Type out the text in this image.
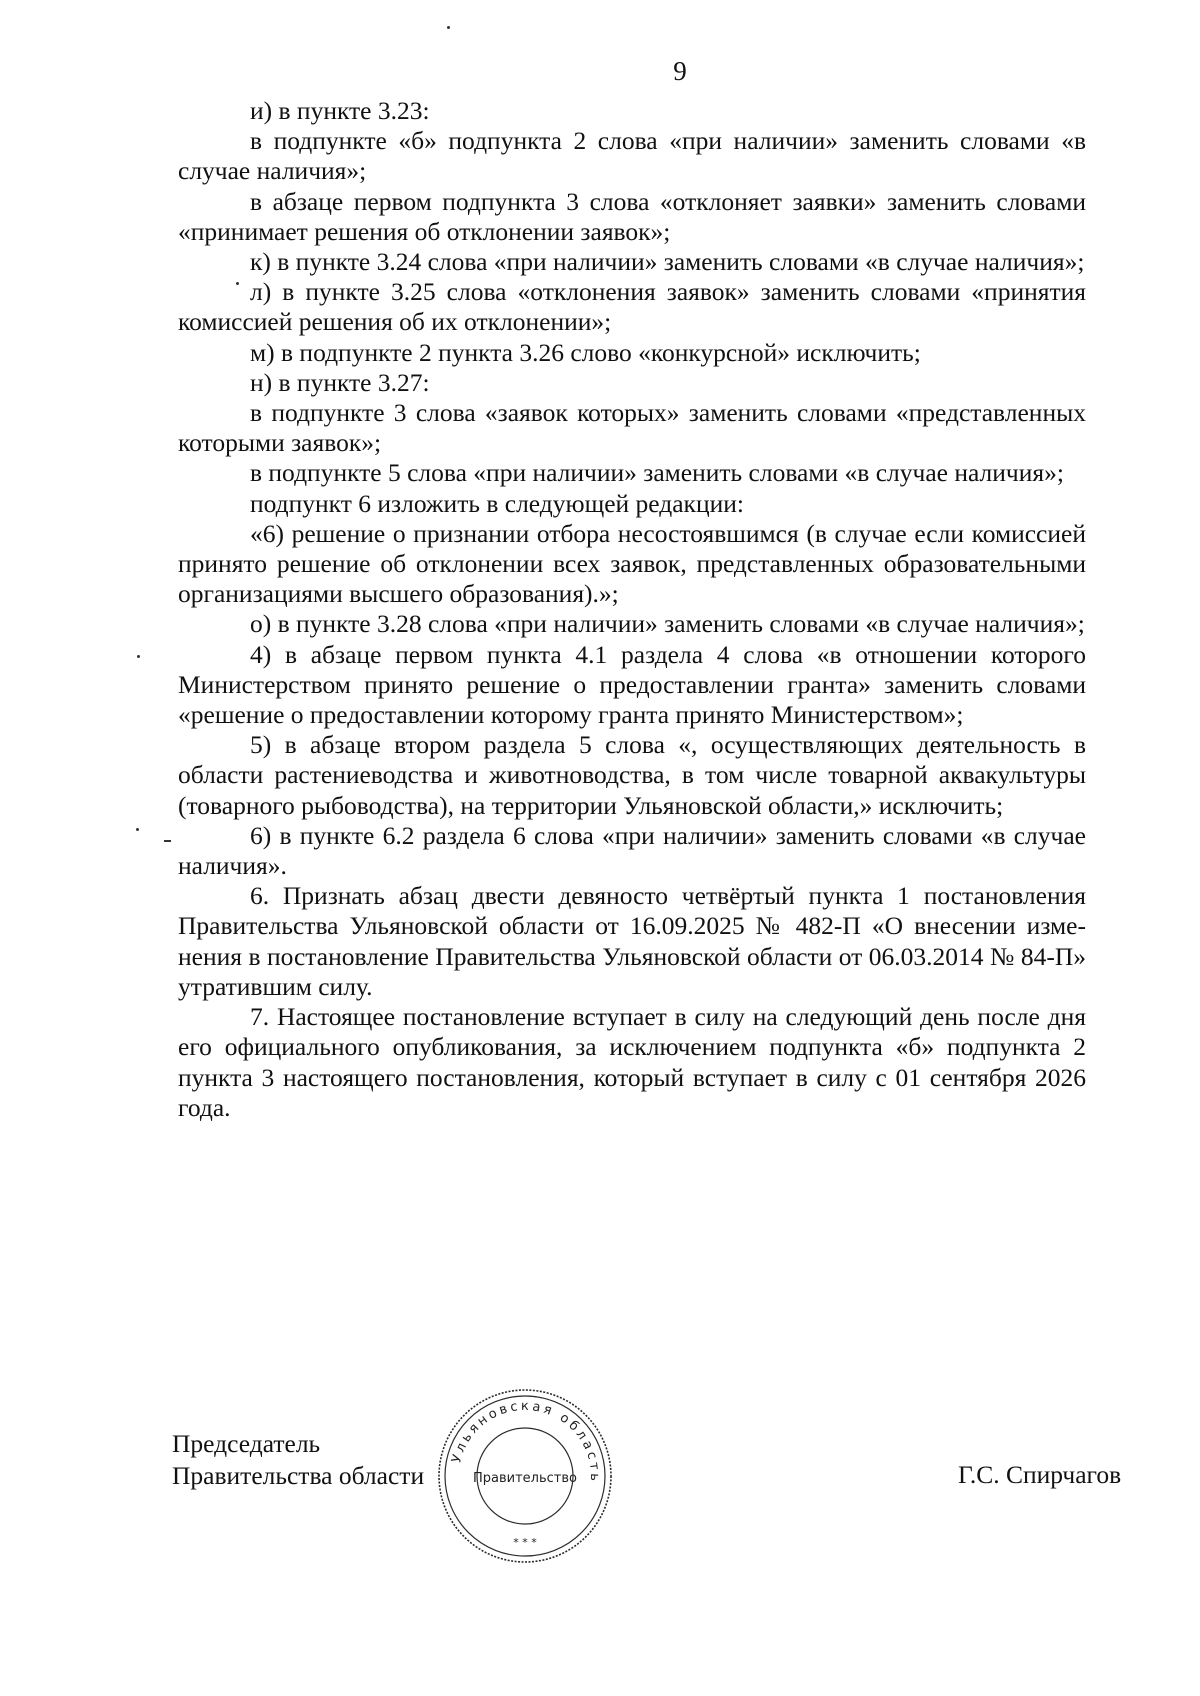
9

и) в пункте 3.23:

в подпункте «б» подпункта 2 слова «при наличии» заменить словами «в случае наличия»;

в абзаце первом подпункта 3 слова «отклоняет заявки» заменить словами «принимает решения об отклонении заявок»;

к) в пункте 3.24 слова «при наличии» заменить словами «в случае наличия»;

л) в пункте 3.25 слова «отклонения заявок» заменить словами «принятия комиссией решения об их отклонении»;

м) в подпункте 2 пункта 3.26 слово «конкурсной» исключить;

н) в пункте 3.27:

в подпункте 3 слова «заявок которых» заменить словами «представленных которыми заявок»;

в подпункте 5 слова «при наличии» заменить словами «в случае наличия»;

подпункт 6 изложить в следующей редакции:

«6) решение о признании отбора несостоявшимся (в случае если комиссией принято решение об отклонении всех заявок, представленных образовательными организациями высшего образования).»;

о) в пункте 3.28 слова «при наличии» заменить словами «в случае наличия»;

4) в абзаце первом пункта 4.1 раздела 4 слова «в отношении которого Министерством принято решение о предоставлении гранта» заменить словами «решение о предоставлении которому гранта принято Министерством»;

5) в абзаце втором раздела 5 слова «, осуществляющих деятельность в области растениеводства и животноводства, в том числе товарной аквакультуры (товарного рыбоводства), на территории Ульяновской области,» исключить;

6) в пункте 6.2 раздела 6 слова «при наличии» заменить словами «в случае наличия».

6. Признать абзац двести девяносто четвёртый пункта 1 постановления Правительства Ульяновской области от 16.09.2025 № 482-П «О внесении изменения в постановление Правительства Ульяновской области от 06.03.2014 № 84-П» утратившим силу.

7. Настоящее постановление вступает в силу на следующий день после дня его официального опубликования, за исключением подпункта «б» подпункта 2 пункта 3 настоящего постановления, который вступает в силу с 01 сентября 2026 года.

Председатель
Правительства области	Г.С. Спирчагов
Ульяновская область
Правительство
* * *
